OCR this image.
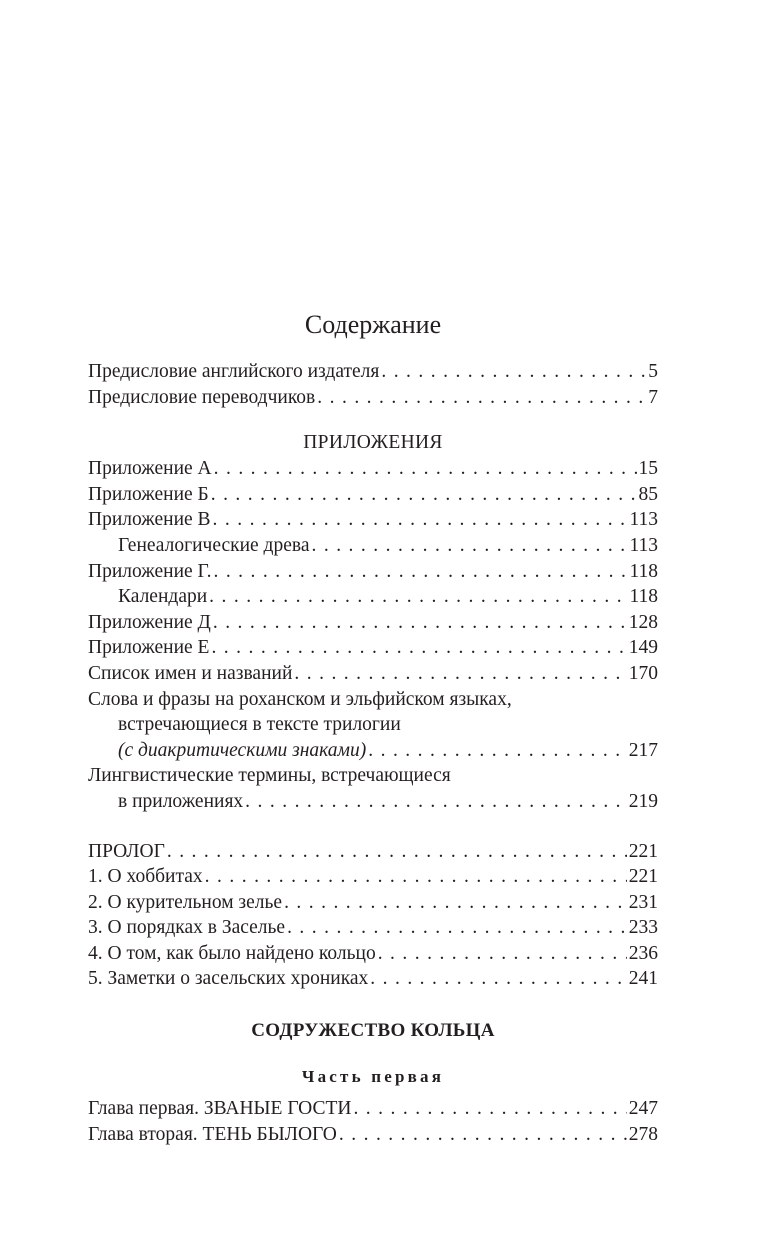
Содержание
Предисловие английского издателя . . .	5
Предисловие переводчиков . . .	7
ПРИЛОЖЕНИЯ
Приложение А . . .	15
Приложение Б . . .	85
Приложение В . . .	113
Генеалогические древа . . .	113
Приложение Г. . . .	118
Календари . . .	118
Приложение Д . . .	128
Приложение Е . . .	149
Список имен и названий . . .	170
Слова и фразы на роханском и эльфийском языках,
встречающиеся в тексте трилогии
(с диакритическими знаками) . . .	217
Лингвистические термины, встречающиеся
в приложениях . . .	219
ПРОЛОГ . . .	221
1. О хоббитах . . .	221
2. О курительном зелье . . .	231
3. О порядках в Заселье . . .	233
4. О том, как было найдено кольцо . . .	236
5. Заметки о засельских хрониках . . .	241
СОДРУЖЕСТВО КОЛЬЦА
Часть первая
Глава первая. ЗВАНЫЕ ГОСТИ . . .	247
Глава вторая. ТЕНЬ БЫЛОГО . . .	278
